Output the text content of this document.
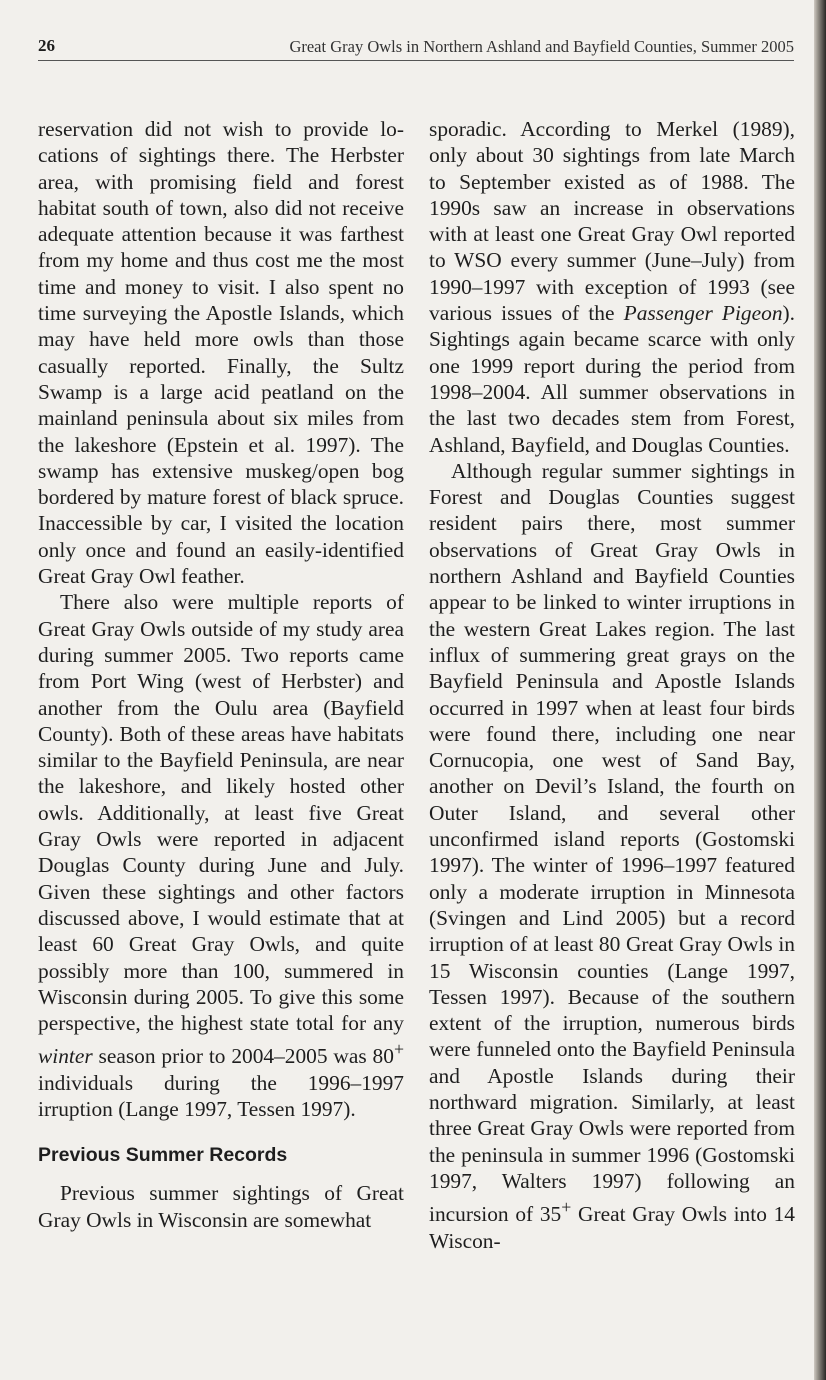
26	Great Gray Owls in Northern Ashland and Bayfield Counties, Summer 2005

reservation did not wish to provide locations of sightings there. The Herbster area, with promising field and forest habitat south of town, also did not receive adequate attention because it was farthest from my home and thus cost me the most time and money to visit. I also spent no time surveying the Apostle Islands, which may have held more owls than those casually reported. Finally, the Sultz Swamp is a large acid peatland on the mainland peninsula about six miles from the lakeshore (Epstein et al. 1997). The swamp has extensive muskeg/open bog bordered by mature forest of black spruce. Inaccessible by car, I visited the location only once and found an easily-identified Great Gray Owl feather.

There also were multiple reports of Great Gray Owls outside of my study area during summer 2005. Two reports came from Port Wing (west of Herbster) and another from the Oulu area (Bayfield County). Both of these areas have habitats similar to the Bayfield Peninsula, are near the lakeshore, and likely hosted other owls. Additionally, at least five Great Gray Owls were reported in adjacent Douglas County during June and July. Given these sightings and other factors discussed above, I would estimate that at least 60 Great Gray Owls, and quite possibly more than 100, summered in Wisconsin during 2005. To give this some perspective, the highest state total for any winter season prior to 2004–2005 was 80+ individuals during the 1996–1997 irruption (Lange 1997, Tessen 1997).

Previous Summer Records

Previous summer sightings of Great Gray Owls in Wisconsin are somewhat

sporadic. According to Merkel (1989), only about 30 sightings from late March to September existed as of 1988. The 1990s saw an increase in observations with at least one Great Gray Owl reported to WSO every summer (June–July) from 1990–1997 with exception of 1993 (see various issues of the Passenger Pigeon). Sightings again became scarce with only one 1999 report during the period from 1998–2004. All summer observations in the last two decades stem from Forest, Ashland, Bayfield, and Douglas Counties.

Although regular summer sightings in Forest and Douglas Counties suggest resident pairs there, most summer observations of Great Gray Owls in northern Ashland and Bayfield Counties appear to be linked to winter irruptions in the western Great Lakes region. The last influx of summering great grays on the Bayfield Peninsula and Apostle Islands occurred in 1997 when at least four birds were found there, including one near Cornucopia, one west of Sand Bay, another on Devil’s Island, the fourth on Outer Island, and several other unconfirmed island reports (Gostomski 1997). The winter of 1996–1997 featured only a moderate irruption in Minnesota (Svingen and Lind 2005) but a record irruption of at least 80 Great Gray Owls in 15 Wisconsin counties (Lange 1997, Tessen 1997). Because of the southern extent of the irruption, numerous birds were funneled onto the Bayfield Peninsula and Apostle Islands during their northward migration. Similarly, at least three Great Gray Owls were reported from the peninsula in summer 1996 (Gostomski 1997, Walters 1997) following an incursion of 35+ Great Gray Owls into 14 Wiscon-
